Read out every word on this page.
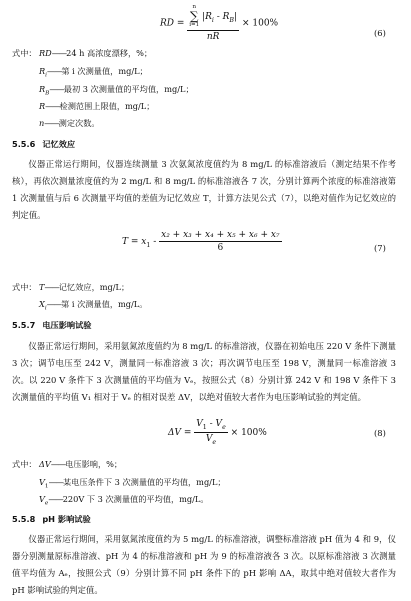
RD = n
∑
i=1 $|R_i - R_B|$
nR × 100%
(6)
式中： RD——24 h 高浓度漂移，%；
$R_i——$第 i 次测量值，mg/L；
$R_B——$最初 3 次测量值的平均值，mg/L；
R——检测范围上限值，mg/L；
n——测定次数。
5.5.6 记忆效应
仪器正常运行期间，仪器连续测量 3 次氨氮浓度值约为 8 mg/L 的标准溶液后（测定结果不作考核），再依次测量浓度值约为 2 mg/L 和 8 mg/L 的标准溶液各 7 次，分别计算两个浓度的标准溶液第 1 次测量值与后 6 次测量平均值的差值为记忆效应 T，计算方法见公式（7），以绝对值作为记忆效应的判定值。
$T = x_1 - \frac{\text{x₂ + x₃ + x₄ + x₅ + x₆ + x₇}}{6}$	(7)
式中： T——记忆效应，mg/L；
$X_i——$第 i 次测量值，mg/L。
5.5.7 电压影响试验
仪器正常运行期间，采用氨氮浓度值约为 8 mg/L 的标准溶液，仪器在初始电压 220 V 条件下测量 3 次；调节电压至 242 V，测量同一标准溶液 3 次；再次调节电压至 198 V，测量同一标准溶液 3 次。以 220 V 条件下 3 次测量值的平均值为 Vₑ，按照公式（8）分别计算 242 V 和 198 V 条件下 3 次测量值的平均值 V₁ 相对于 Vₑ 的相对误差 ΔV，以绝对值较大者作为电压影响试验的判定值。
$\Delta V = \frac{V_1 - V_e}{V_e} \times 100\%$	(8)
式中： ΔV——电压影响，%；
$V_1——$某电压条件下 3 次测量值的平均值，mg/L；
$V_e——220V$ 下 3 次测量值的平均值，mg/L。
5.5.8 pH 影响试验
仪器正常运行期间，采用氨氮浓度值约为 5 mg/L 的标准溶液，调整标准溶液 pH 值为 4 和 9，仪器分别测量原标准溶液、pH 为 4 的标准溶液和 pH 为 9 的标准溶液各 3 次。以原标准溶液 3 次测量值平均值为 Aₑ，按照公式（9）分别计算不同 pH 条件下的 pH 影响 ΔA，取其中绝对值较大者作为 pH 影响试验的判定值。
